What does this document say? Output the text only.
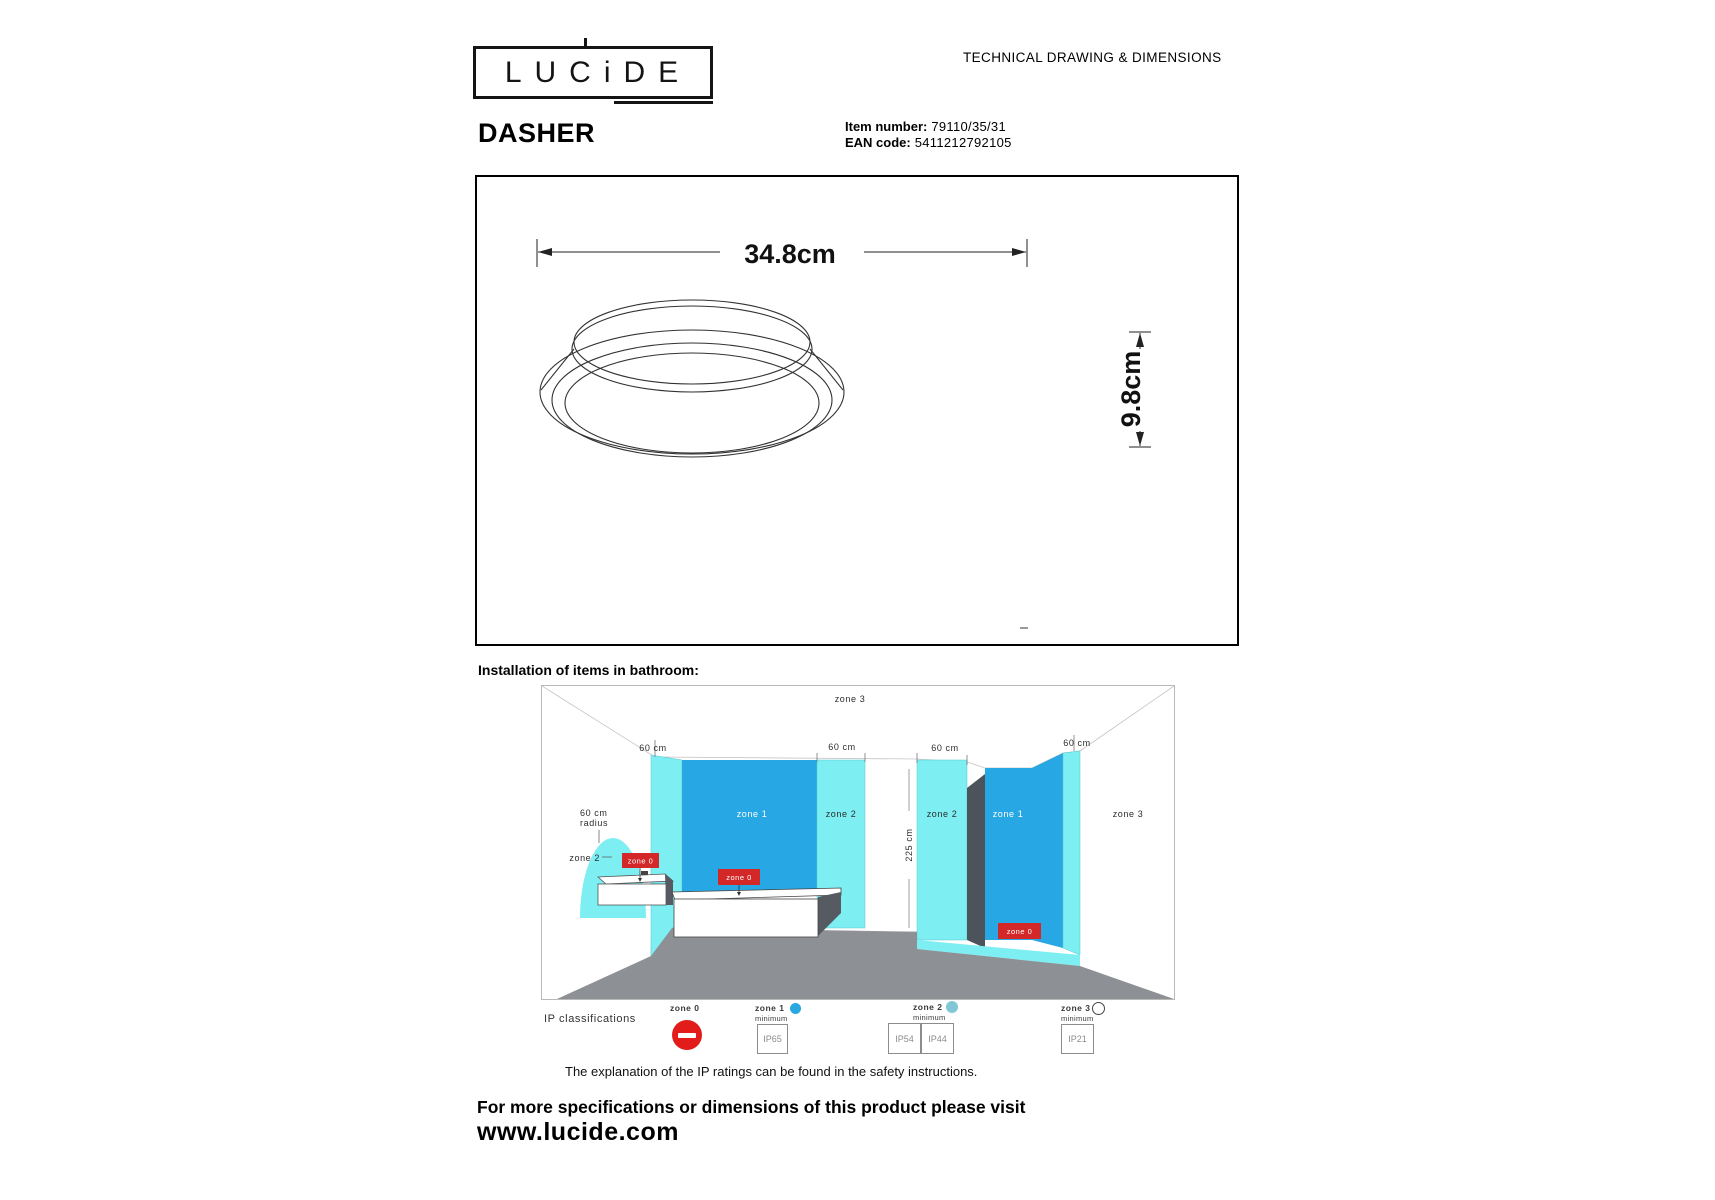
LUCiDE	TECHNICAL DRAWING & DIMENSIONS
DASHER	Item number: 79110/35/31
EAN code: 5411212792105
34.8cm
9.8cm
Installation of items in bathroom:
225 cm
zone 3
60 cm	60 cm	60 cm	60 cm
zone 1	zone 2	zone 2	zone 1	zone 3
zone 2
60 cm
radius
zone 0
zone 0
zone 0
IP classifications
zone 0	zone 1
minimum
IP65
zone 2
minimum
IP54	IP44
zone 3
minimum
IP21
The explanation of the IP ratings can be found in the safety instructions.
For more specifications or dimensions of this product please visit
www.lucide.com
